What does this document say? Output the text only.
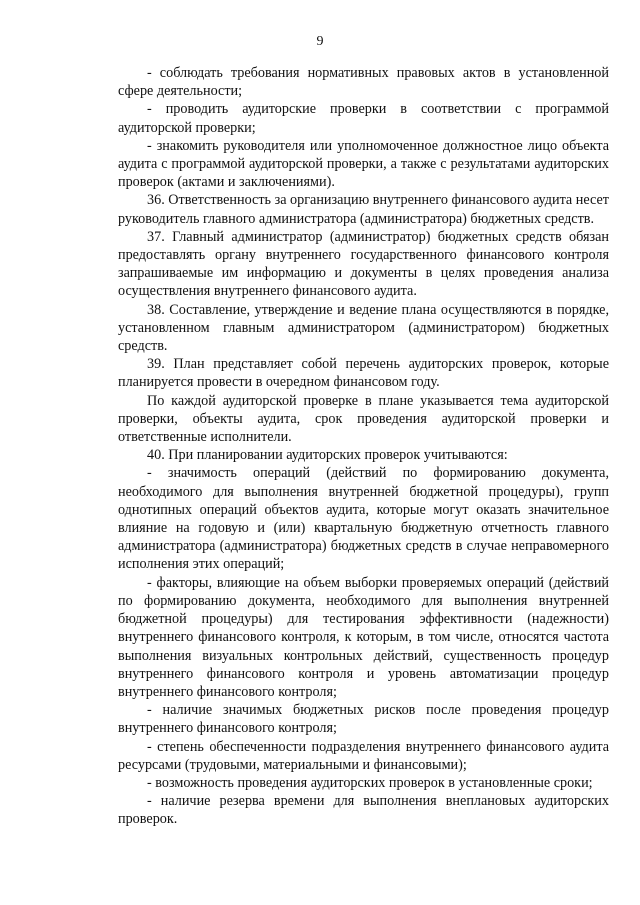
9

- соблюдать требования нормативных правовых актов в установленной сфере деятельности;

- проводить аудиторские проверки в соответствии с программой аудиторской проверки;

- знакомить руководителя или уполномоченное должностное лицо объекта аудита с программой аудиторской проверки, а также с результатами аудиторских проверок (актами и заключениями).

36. Ответственность за организацию внутреннего финансового аудита несет руководитель главного администратора (администратора) бюджетных средств.

37. Главный администратор (администратор) бюджетных средств обязан предоставлять органу внутреннего государственного финансового контроля запрашиваемые им информацию и документы в целях проведения анализа осуществления внутреннего финансового аудита.

38. Составление, утверждение и ведение плана осуществляются в порядке, установленном главным администратором (администратором) бюджетных средств.

39. План представляет собой перечень аудиторских проверок, которые планируется провести в очередном финансовом году.

По каждой аудиторской проверке в плане указывается тема аудиторской проверки, объекты аудита, срок проведения аудиторской проверки и ответственные исполнители.

40. При планировании аудиторских проверок учитываются:

- значимость операций (действий по формированию документа, необходимого для выполнения внутренней бюджетной процедуры), групп однотипных операций объектов аудита, которые могут оказать значительное влияние на годовую и (или) квартальную бюджетную отчетность главного администратора (администратора) бюджетных средств в случае неправомерного исполнения этих операций;

- факторы, влияющие на объем выборки проверяемых операций (действий по формированию документа, необходимого для выполнения внутренней бюджетной процедуры) для тестирования эффективности (надежности) внутреннего финансового контроля, к которым, в том числе, относятся частота выполнения визуальных контрольных действий, существенность процедур внутреннего финансового контроля и уровень автоматизации процедур внутреннего финансового контроля;

- наличие значимых бюджетных рисков после проведения процедур внутреннего финансового контроля;

- степень обеспеченности подразделения внутреннего финансового аудита ресурсами (трудовыми, материальными и финансовыми);

- возможность проведения аудиторских проверок в установленные сроки;

- наличие резерва времени для выполнения внеплановых аудиторских проверок.
